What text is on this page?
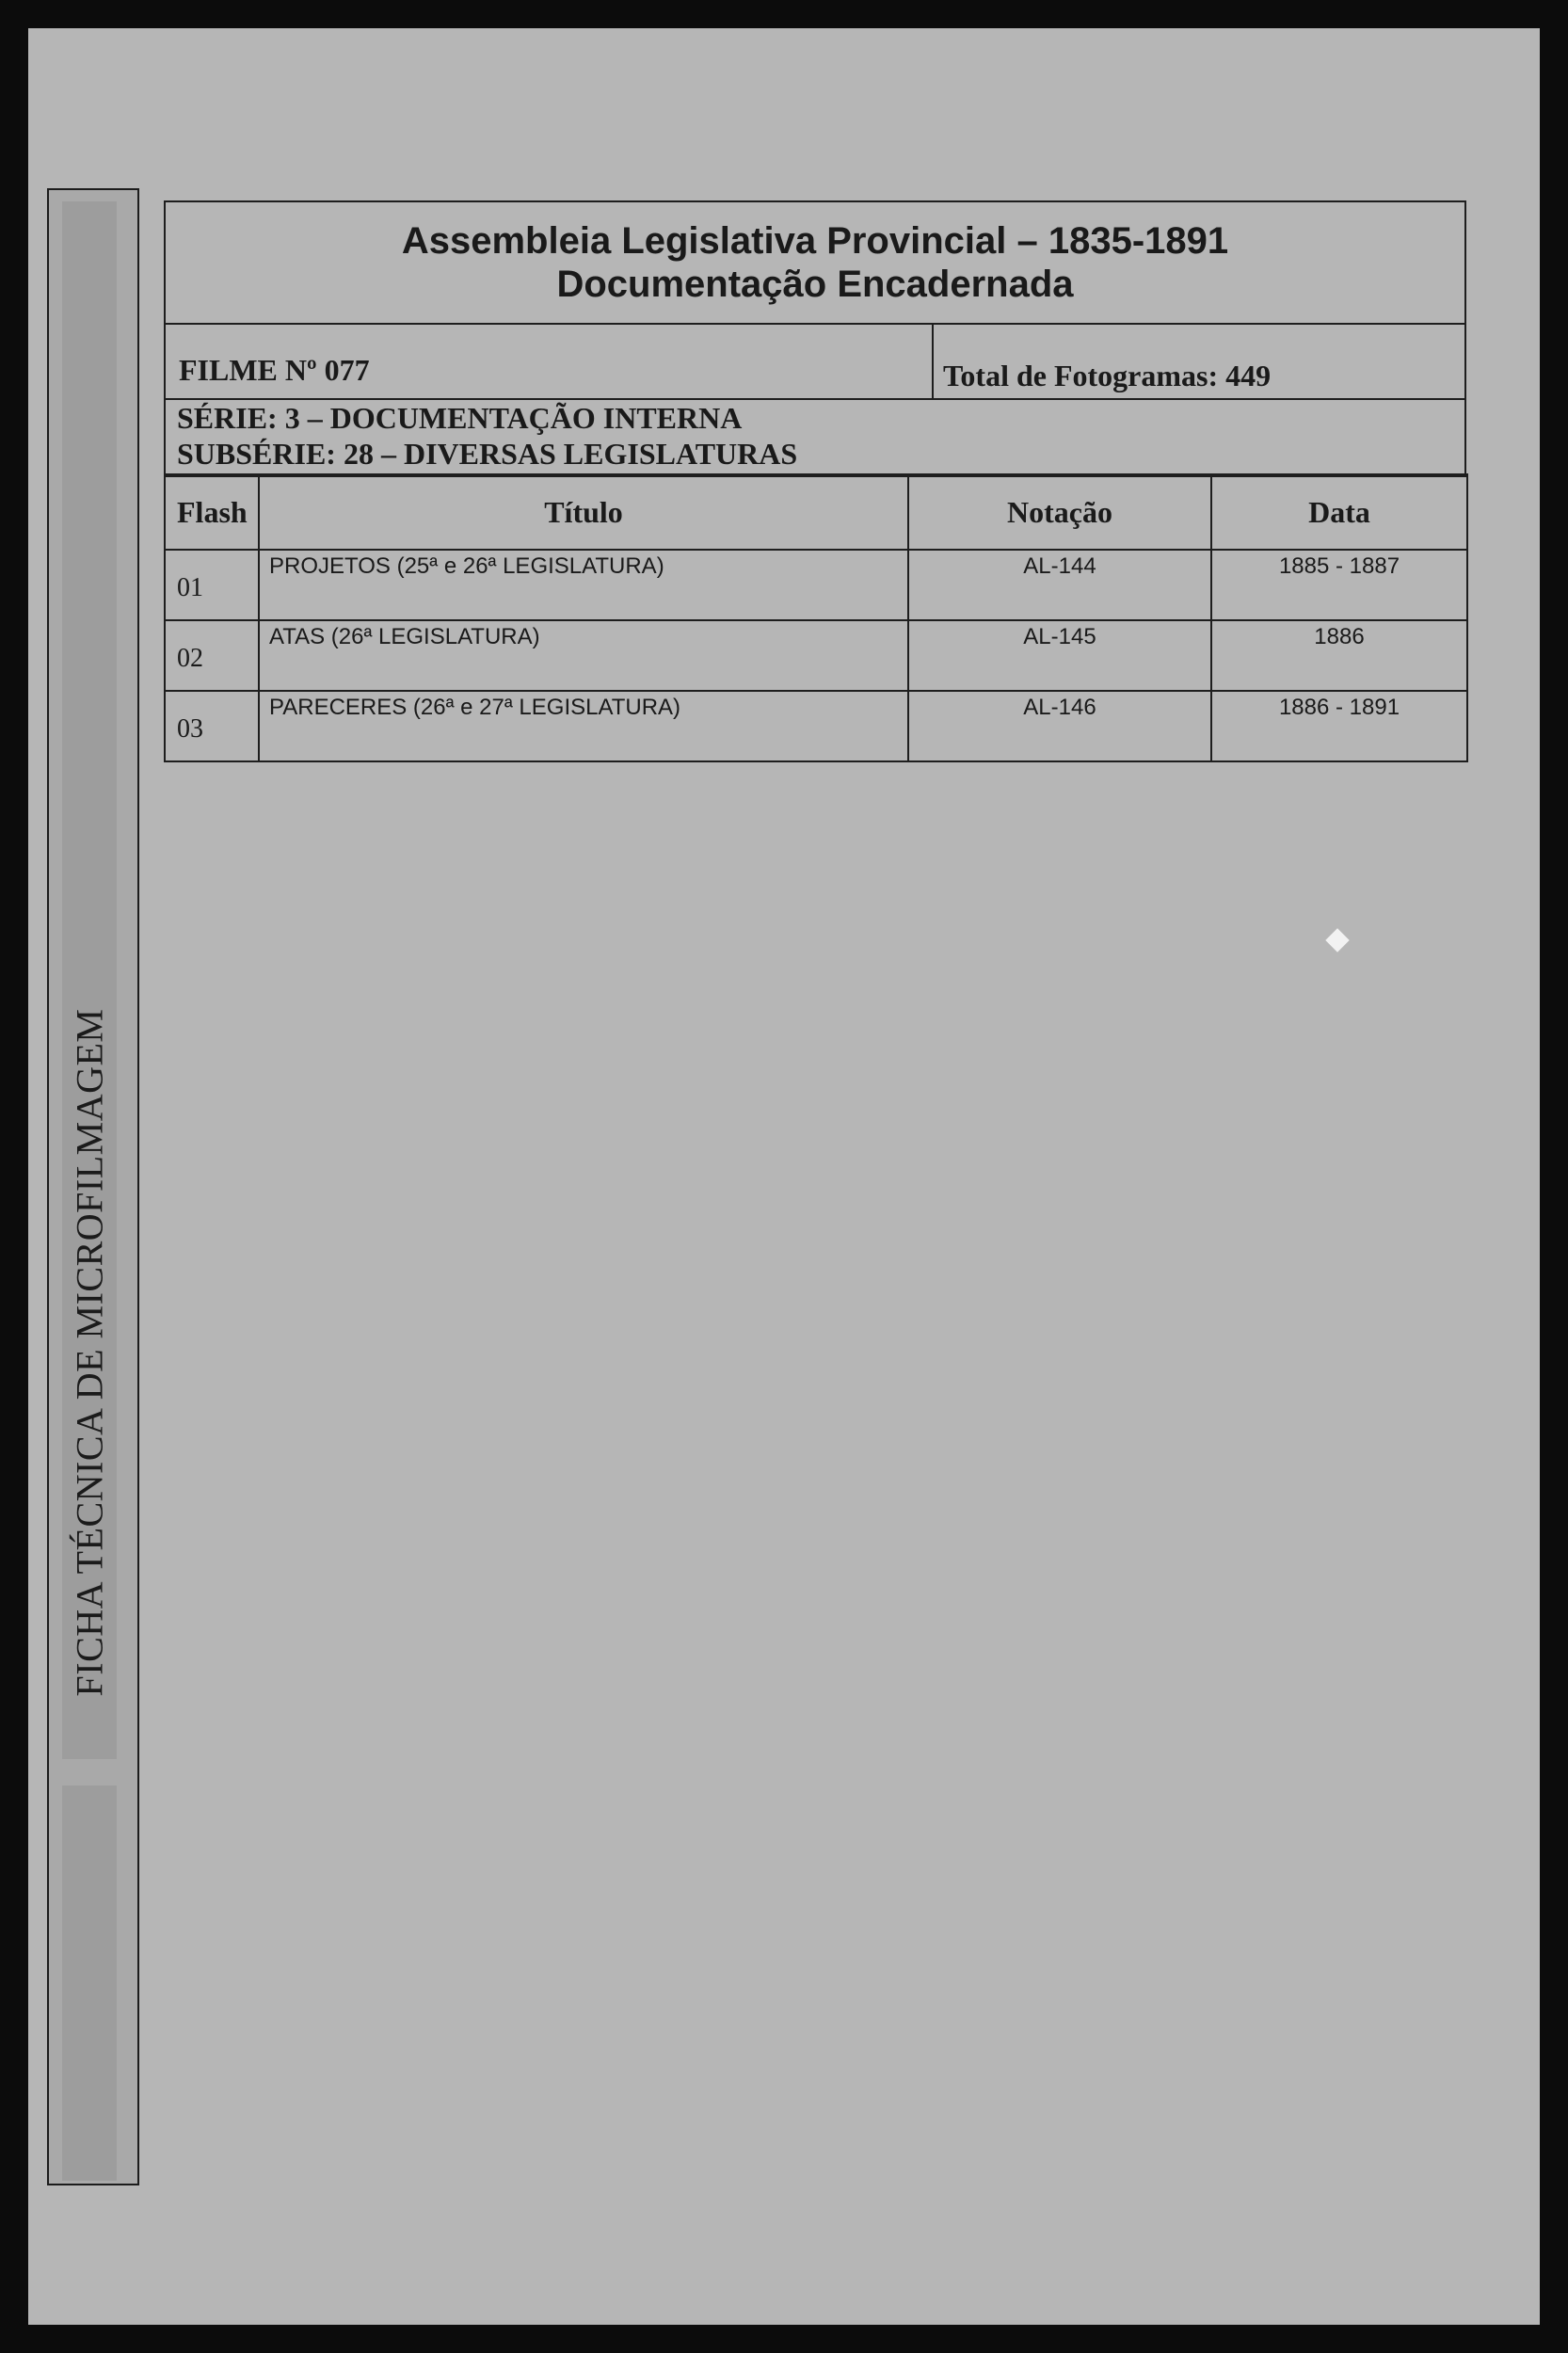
FICHA TÉCNICA DE MICROFILMAGEM
Assembleia Legislativa Provincial – 1835-1891
Documentação Encadernada
FILME Nº 077	Total de Fotogramas: 449
SÉRIE: 3 – DOCUMENTAÇÃO INTERNA
SUBSÉRIE: 28 – DIVERSAS LEGISLATURAS
Flash	Título	Notação	Data
01	PROJETOS (25ª e 26ª LEGISLATURA)	AL-144	1885 - 1887
02	ATAS (26ª LEGISLATURA)	AL-145	1886
03	PARECERES (26ª e 27ª LEGISLATURA)	AL-146	1886 - 1891
